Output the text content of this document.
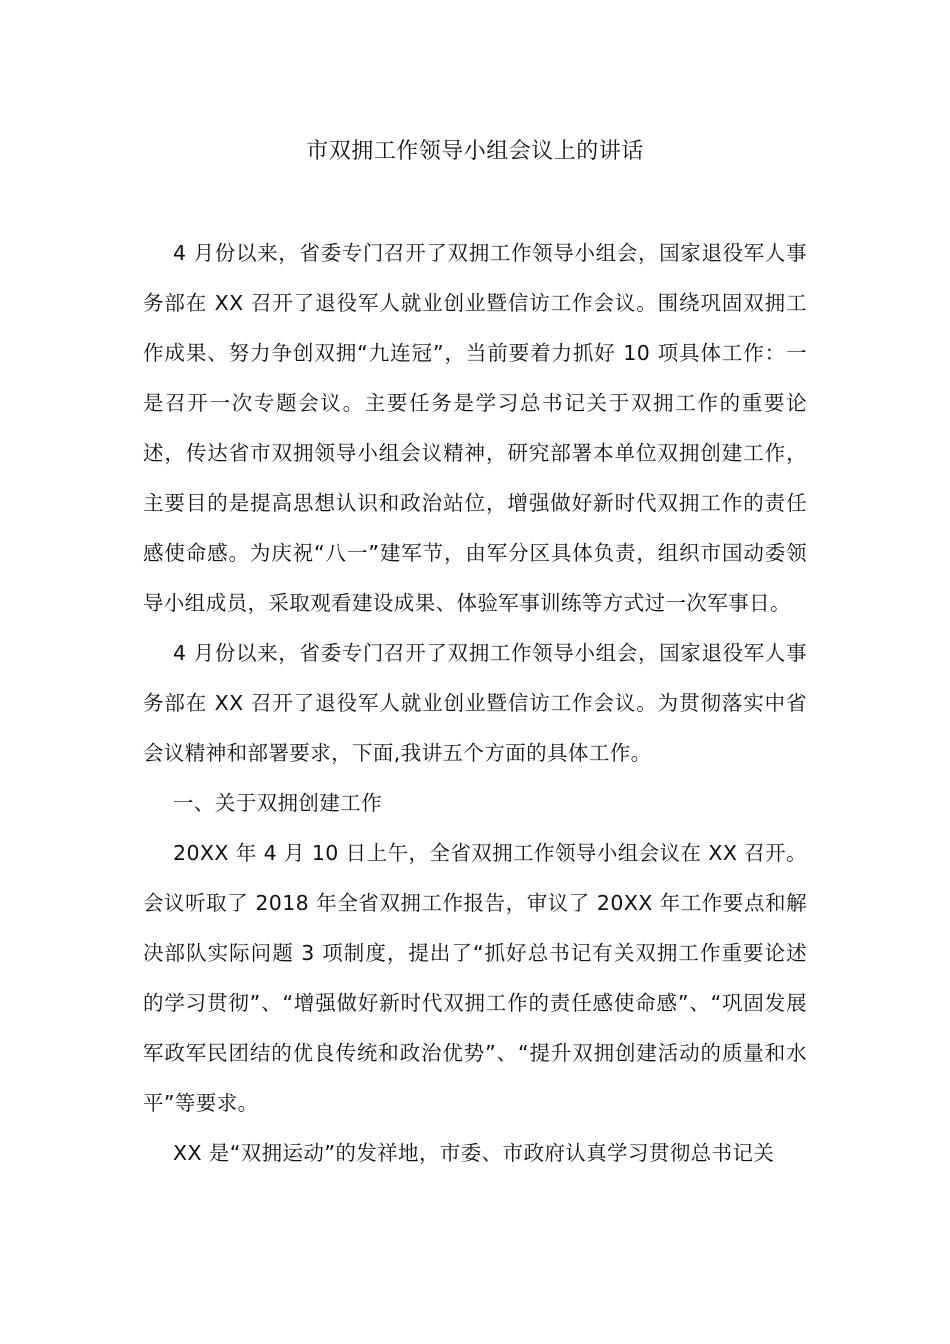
市双拥工作领导小组会议上的讲话

4 月份以来，省委专门召开了双拥工作领导小组会，国家退役军人事务部在 XX 召开了退役军人就业创业暨信访工作会议。围绕巩固双拥工作成果、努力争创双拥“九连冠”，当前要着力抓好 10 项具体工作：一是召开一次专题会议。主要任务是学习总书记关于双拥工作的重要论述，传达省市双拥领导小组会议精神，研究部署本单位双拥创建工作， 主要目的是提高思想认识和政治站位，增强做好新时代双拥工作的责任感使命感。为庆祝“八一”建军节，由军分区具体负责，组织市国动委领导小组成员，采取观看建设成果、体验军事训练等方式过一次军事日。

4 月份以来，省委专门召开了双拥工作领导小组会，国家退役军人事务部在 XX 召开了退役军人就业创业暨信访工作会议。为贯彻落实中省会议精神和部署要求，下面,我讲五个方面的具体工作。

一、关于双拥创建工作

20XX 年 4 月 10 日上午，全省双拥工作领导小组会议在 XX 召开。会议听取了 2018 年全省双拥工作报告，审议了 20XX 年工作要点和解决部队实际问题 3 项制度，提出了“抓好总书记有关双拥工作重要论述的学习贯彻”、“增强做好新时代双拥工作的责任感使命感”、“巩固发展军政军民团结的优良传统和政治优势”、“提升双拥创建活动的质量和水平”等要求。

XX 是“双拥运动”的发祥地，市委、市政府认真学习贯彻总书记关
